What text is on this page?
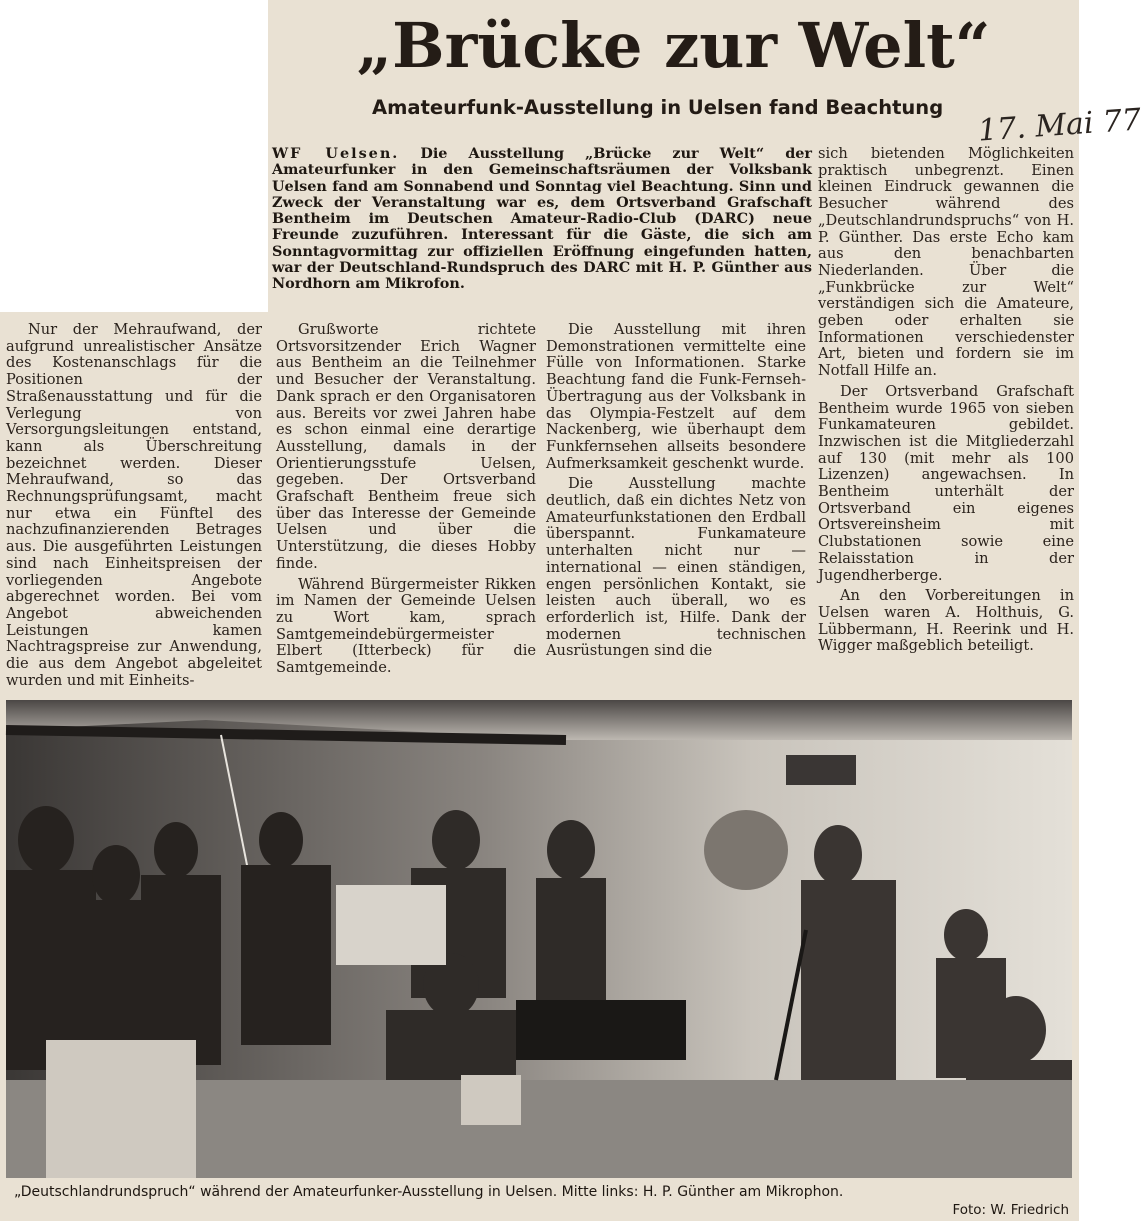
„Brücke zur Welt“
Amateurfunk-Ausstellung in Uelsen fand Beachtung	17. Mai 77
WF Uelsen. Die Ausstellung „Brücke zur Welt“ der Amateurfunker in den Gemeinschaftsräumen der Volksbank Uelsen fand am Sonnabend und Sonntag viel Beachtung. Sinn und Zweck der Veranstaltung war es, dem Ortsverband Grafschaft Bentheim im Deutschen Amateur-Radio-Club (DARC) neue Freunde zuzuführen. Interessant für die Gäste, die sich am Sonntagvormittag zur offiziellen Eröffnung eingefunden hatten, war der Deutschland-Rundspruch des DARC mit H. P. Günther aus Nordhorn am Mikrofon.

sich bietenden Möglichkeiten praktisch unbegrenzt. Einen kleinen Eindruck gewannen die Besucher während des „Deutschlandrundspruchs“ von H. P. Günther. Das erste Echo kam aus den benachbarten Niederlanden. Über die „Funkbrücke zur Welt“ verständigen sich die Amateure, geben oder erhalten sie Informationen verschiedenster Art, bieten und fordern sie im Notfall Hilfe an.

Der Ortsverband Grafschaft Bentheim wurde 1965 von sieben Funkamateuren gebildet. Inzwischen ist die Mitgliederzahl auf 130 (mit mehr als 100 Lizenzen) angewachsen. In Bentheim unterhält der Ortsverband ein eigenes Ortsvereinsheim mit Clubstationen sowie eine Relaisstation in der Jugendherberge.

An den Vorbereitungen in Uelsen waren A. Holthuis, G. Lübbermann, H. Reerink und H. Wigger maßgeblich beteiligt.

Nur der Mehraufwand, der aufgrund unrealistischer Ansätze des Kostenanschlags für die Positionen der Straßenausstattung und für die Verlegung von Versorgungsleitungen entstand, kann als Überschreitung bezeichnet werden. Dieser Mehraufwand, so das Rechnungsprüfungsamt, macht nur etwa ein Fünftel des nachzufinanzierenden Betrages aus. Die ausgeführten Leistungen sind nach Einheitspreisen der vorliegenden Angebote abgerechnet worden. Bei vom Angebot abweichenden Leistungen kamen Nachtragspreise zur Anwendung, die aus dem Angebot abgeleitet wurden und mit Einheits-

Grußworte richtete Ortsvorsitzender Erich Wagner aus Bentheim an die Teilnehmer und Besucher der Veranstaltung. Dank sprach er den Organisatoren aus. Bereits vor zwei Jahren habe es schon einmal eine derartige Ausstellung, damals in der Orientierungsstufe Uelsen, gegeben. Der Ortsverband Grafschaft Bentheim freue sich über das Interesse der Gemeinde Uelsen und über die Unterstützung, die dieses Hobby finde.

Während Bürgermeister Rikken im Namen der Gemeinde Uelsen zu Wort kam, sprach Samtgemeindebürgermeister Elbert (Itterbeck) für die Samtgemeinde.

Die Ausstellung mit ihren Demonstrationen vermittelte eine Fülle von Informationen. Starke Beachtung fand die Funk-Fernseh-Übertragung aus der Volksbank in das Olympia-Festzelt auf dem Nackenberg, wie überhaupt dem Funkfernsehen allseits besondere Aufmerksamkeit geschenkt wurde.

Die Ausstellung machte deutlich, daß ein dichtes Netz von Amateurfunkstationen den Erdball überspannt. Funkamateure unterhalten nicht nur — international — einen ständigen, engen persönlichen Kontakt, sie leisten auch überall, wo es erforderlich ist, Hilfe. Dank der modernen technischen Ausrüstungen sind die

„Deutschlandrundspruch“ während der Amateurfunker-Ausstellung in Uelsen. Mitte links: H. P. Günther am Mikrophon.
Foto: W. Friedrich
